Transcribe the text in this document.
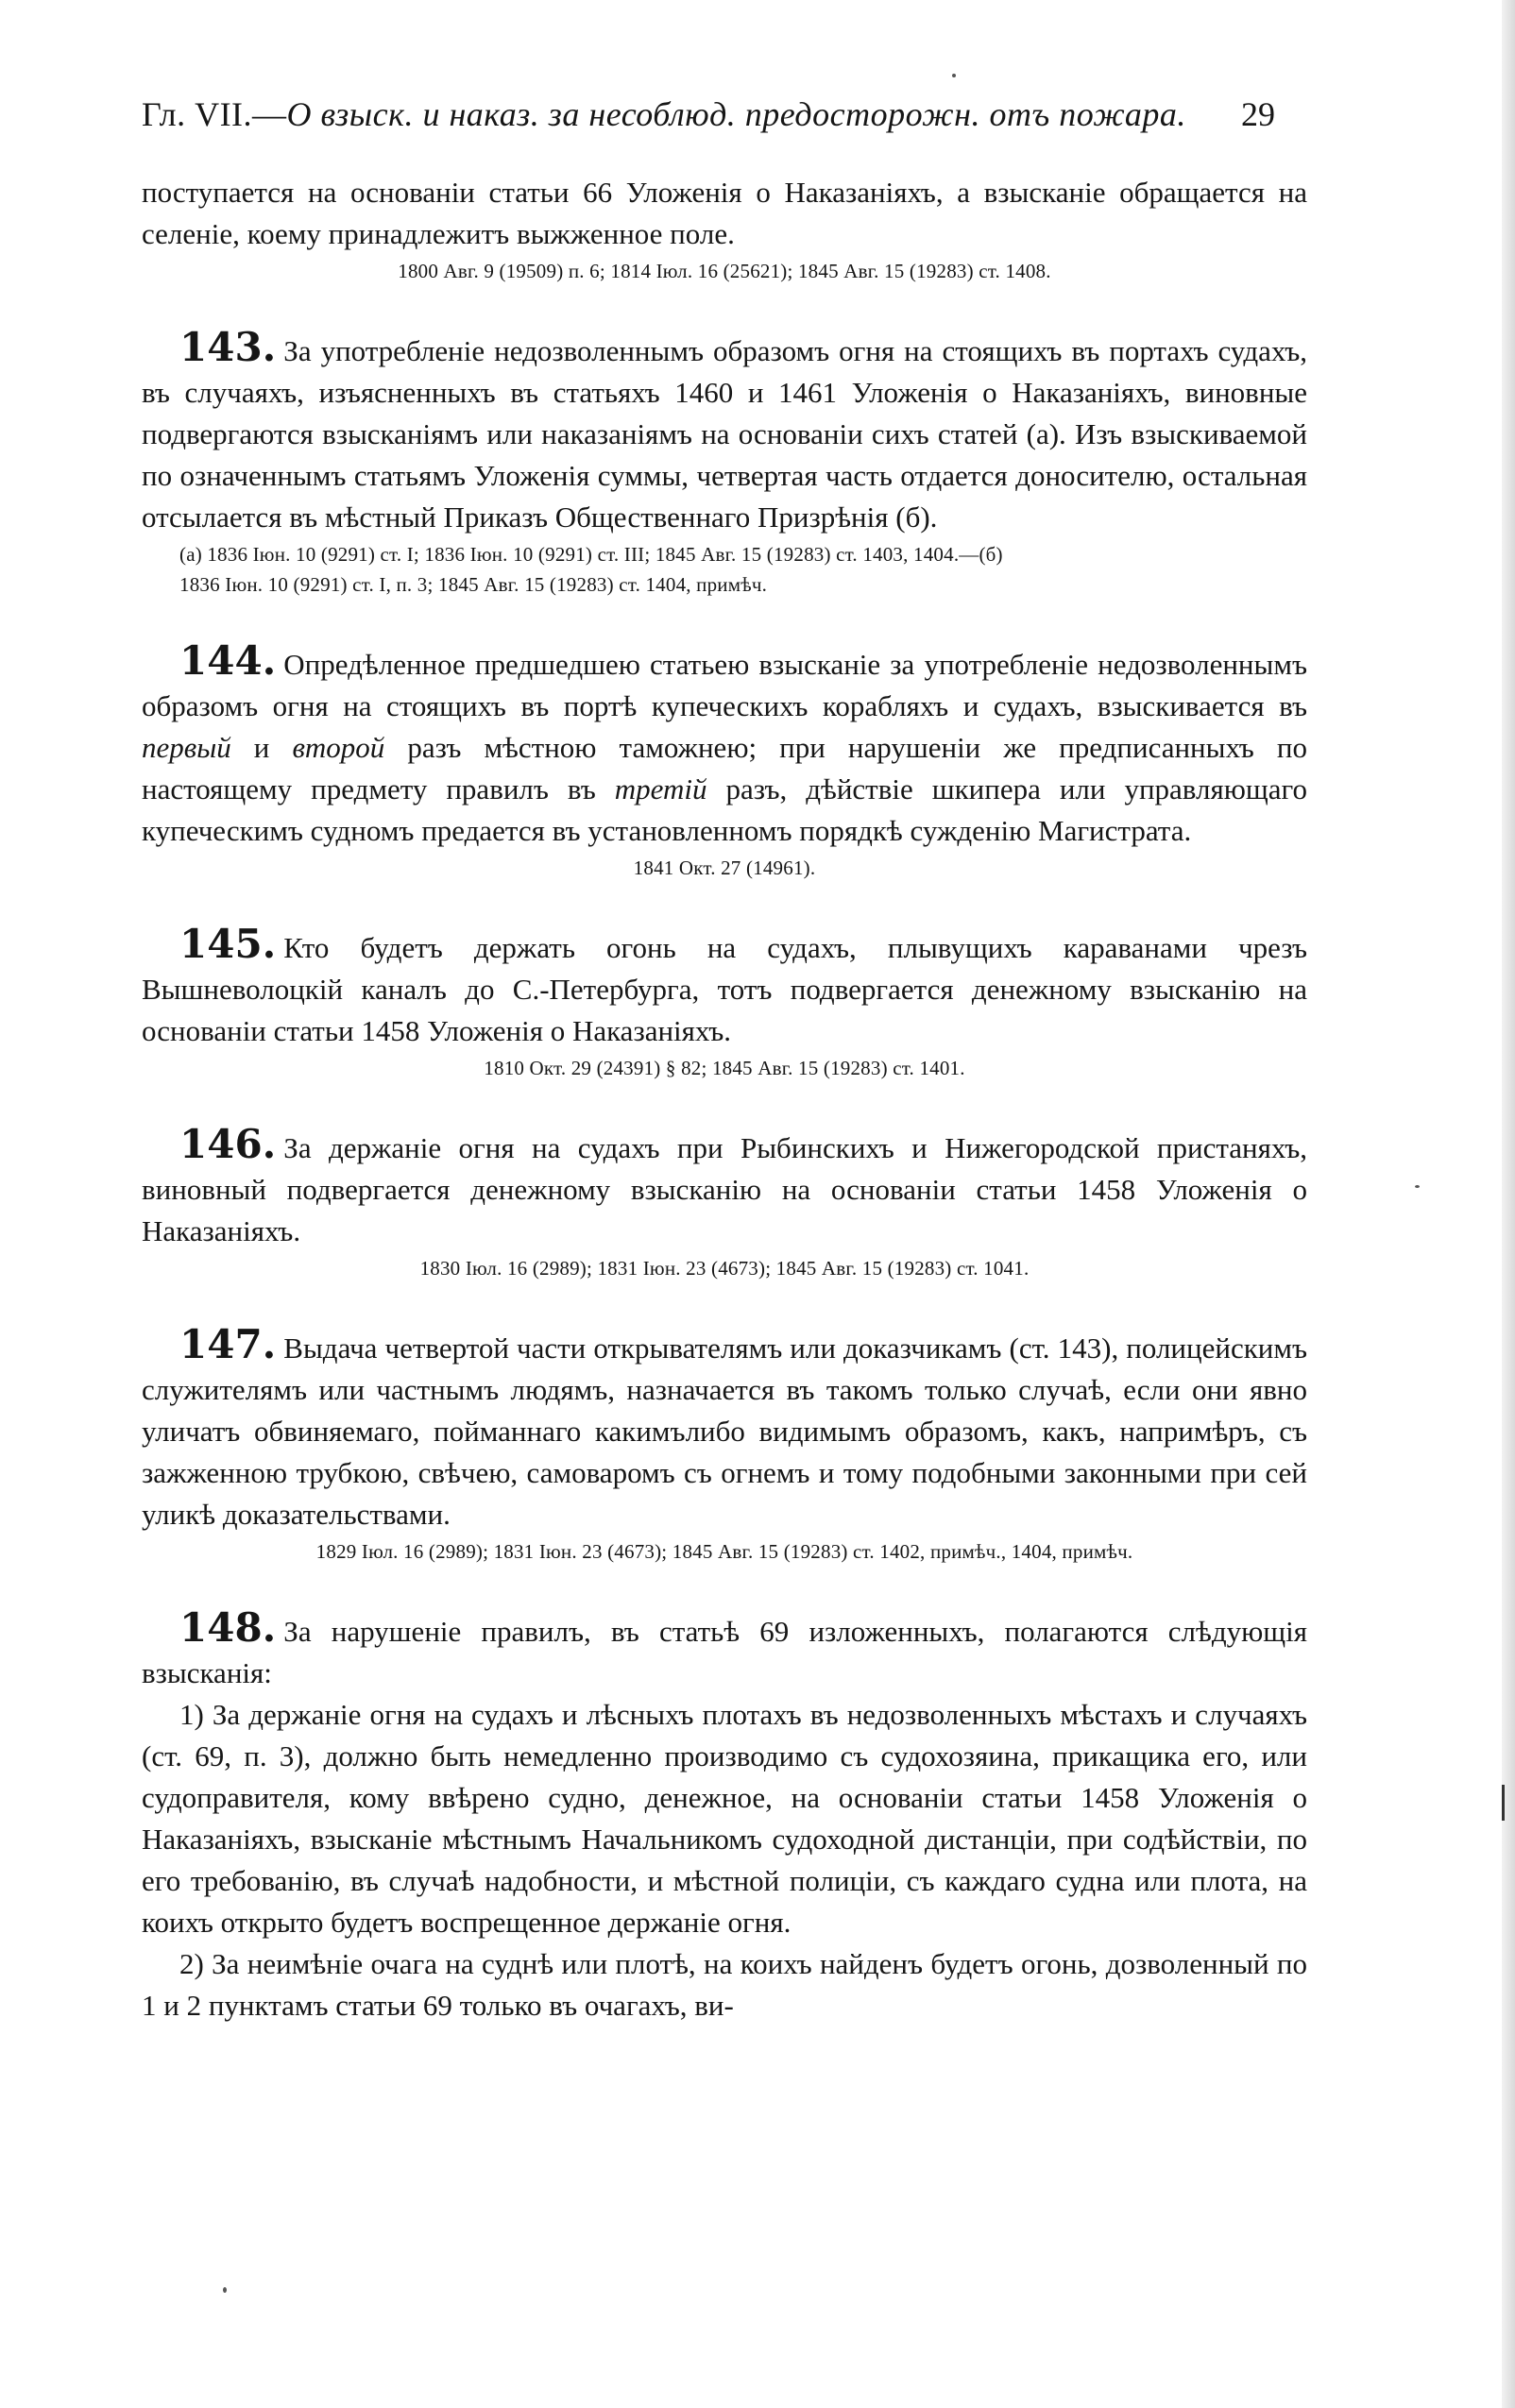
Гл. VII.—О взыск. и наказ. за несоблюд. предосторожн. отъ пожара. 29

поступается на основаніи статьи 66 Уложенія о Наказаніяхъ, а взысканіе обращается на селеніе, коему принадлежитъ выжженное поле.

1800 Авг. 9 (19509) п. 6; 1814 Іюл. 16 (25621); 1845 Авг. 15 (19283) ст. 1408.

143. За употребленіе недозволеннымъ образомъ огня на стоящихъ въ портахъ судахъ, въ случаяхъ, изъясненныхъ въ статьяхъ 1460 и 1461 Уложенія о Наказаніяхъ, виновные подвергаются взысканіямъ или наказаніямъ на основаніи сихъ статей (а). Изъ взыскиваемой по означеннымъ статьямъ Уложенія суммы, четвертая часть отдается доносителю, остальная отсылается въ мѣстный Приказъ Общественнаго Призрѣнія (б).

(а) 1836 Іюн. 10 (9291) ст. I; 1836 Іюн. 10 (9291) ст. III; 1845 Авг. 15 (19283) ст. 1403, 1404.—(б)
1836 Іюн. 10 (9291) ст. I, п. 3; 1845 Авг. 15 (19283) ст. 1404, примѣч.

144. Опредѣленное предшедшею статьею взысканіе за употребленіе недозволеннымъ образомъ огня на стоящихъ въ портѣ купеческихъ корабляхъ и судахъ, взыскивается въ первый и второй разъ мѣстною таможнею; при нарушеніи же предписанныхъ по настоящему предмету правилъ въ третій разъ, дѣйствіе шкипера или управляющаго купеческимъ судномъ предается въ установленномъ порядкѣ сужденію Магистрата.

1841 Окт. 27 (14961).

145. Кто будетъ держать огонь на судахъ, плывущихъ караванами чрезъ Вышневолоцкій каналъ до С.-Петербурга, тотъ подвергается денежному взысканію на основаніи статьи 1458 Уложенія о Наказаніяхъ.

1810 Окт. 29 (24391) § 82; 1845 Авг. 15 (19283) ст. 1401.

146. За держаніе огня на судахъ при Рыбинскихъ и Нижегородской пристаняхъ, виновный подвергается денежному взысканію на основаніи статьи 1458 Уложенія о Наказаніяхъ.

1830 Іюл. 16 (2989); 1831 Іюн. 23 (4673); 1845 Авг. 15 (19283) ст. 1041.

147. Выдача четвертой части открывателямъ или доказчикамъ (ст. 143), полицейскимъ служителямъ или частнымъ людямъ, назначается въ такомъ только случаѣ, если они явно уличатъ обвиняемаго, пойманнаго какимълибо видимымъ образомъ, какъ, напримѣръ, съ зажженною трубкою, свѣчею, самоваромъ съ огнемъ и тому подобными законными при сей уликѣ доказательствами.

1829 Іюл. 16 (2989); 1831 Іюн. 23 (4673); 1845 Авг. 15 (19283) ст. 1402, примѣч., 1404, примѣч.

148. За нарушеніе правилъ, въ статьѣ 69 изложенныхъ, полагаются слѣдующія взысканія:

1) За держаніе огня на судахъ и лѣсныхъ плотахъ въ недозволенныхъ мѣстахъ и случаяхъ (ст. 69, п. 3), должно быть немедленно производимо съ судохозяина, прикащика его, или судоправителя, кому ввѣрено судно, денежное, на основаніи статьи 1458 Уложенія о Наказаніяхъ, взысканіе мѣстнымъ Начальникомъ судоходной дистанціи, при содѣйствіи, по его требованію, въ случаѣ надобности, и мѣстной полиціи, съ каждаго судна или плота, на коихъ открыто будетъ воспрещенное держаніе огня.

2) За неимѣніе очага на суднѣ или плотѣ, на коихъ найденъ будетъ огонь, дозволенный по 1 и 2 пунктамъ статьи 69 только въ очагахъ, ви-
